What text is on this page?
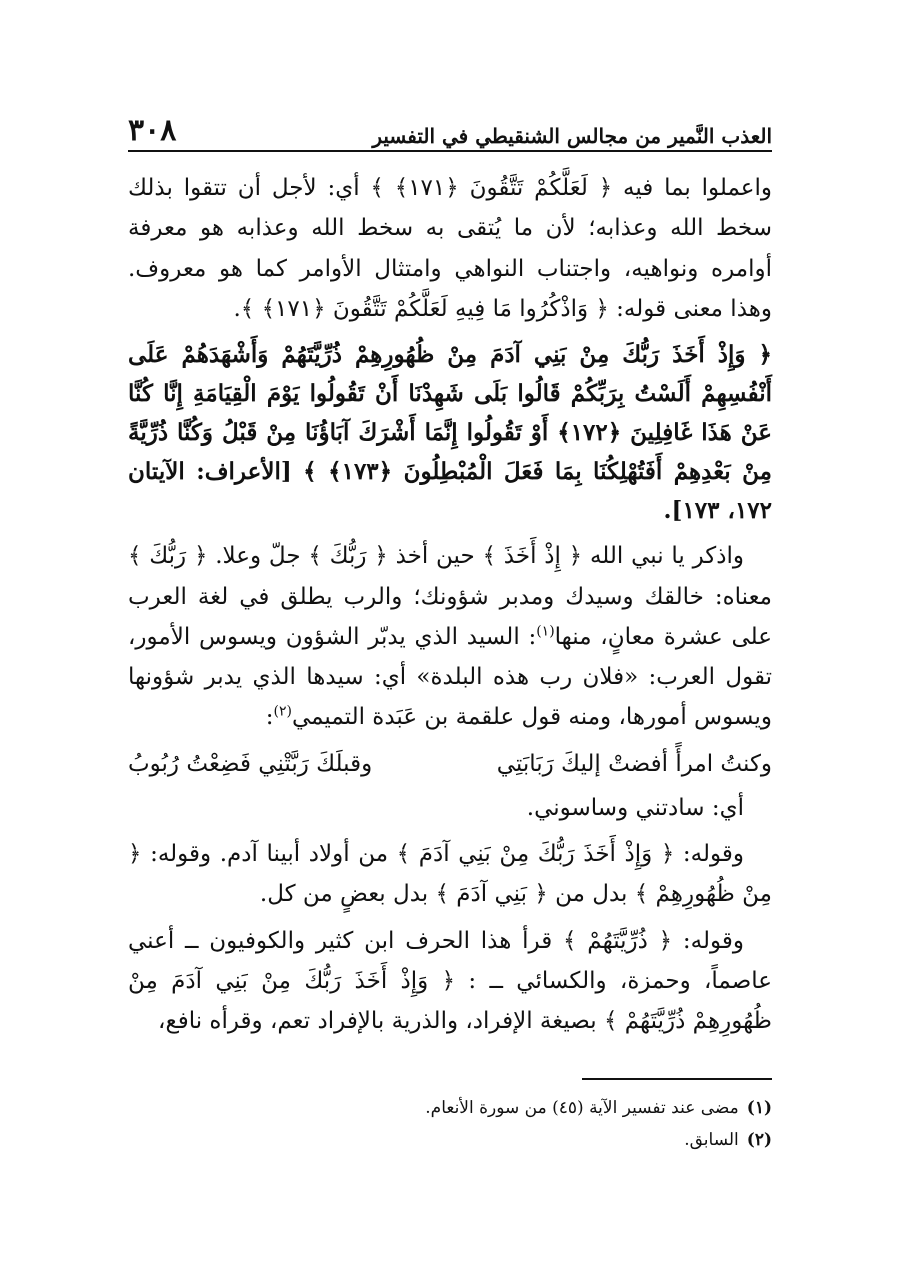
٣٠٨	العذب النَّمير من مجالس الشنقيطي في التفسير

واعملوا بما فيه ﴿ لَعَلَّكُمْ تَتَّقُونَ ﴿١٧١﴾ ﴾ أي: لأجل أن تتقوا بذلك سخط الله وعذابه؛ لأن ما يُتقى به سخط الله وعذابه هو معرفة أوامره ونواهيه، واجتناب النواهي وامتثال الأوامر كما هو معروف. وهذا معنى قوله: ﴿ وَاذْكُرُوا مَا فِيهِ لَعَلَّكُمْ تَتَّقُونَ ﴿١٧١﴾ ﴾.

﴿ وَإِذْ أَخَذَ رَبُّكَ مِنْ بَنِي آدَمَ مِنْ ظُهُورِهِمْ ذُرِّيَّتَهُمْ وَأَشْهَدَهُمْ عَلَى أَنْفُسِهِمْ أَلَسْتُ بِرَبِّكُمْ قَالُوا بَلَى شَهِدْنَا أَنْ تَقُولُوا يَوْمَ الْقِيَامَةِ إِنَّا كُنَّا عَنْ هَذَا غَافِلِينَ ﴿١٧٢﴾ أَوْ تَقُولُوا إِنَّمَا أَشْرَكَ آبَاؤُنَا مِنْ قَبْلُ وَكُنَّا ذُرِّيَّةً مِنْ بَعْدِهِمْ أَفَتُهْلِكُنَا بِمَا فَعَلَ الْمُبْطِلُونَ ﴿١٧٣﴾ ﴾ [الأعراف: الآيتان ١٧٢، ١٧٣].

واذكر يا نبي الله ﴿ إِذْ أَخَذَ ﴾ حين أخذ ﴿ رَبُّكَ ﴾ جلّ وعلا. ﴿ رَبُّكَ ﴾ معناه: خالقك وسيدك ومدبر شؤونك؛ والرب يطلق في لغة العرب على عشرة معانٍ، منها$^{(١)}$: السيد الذي يدبّر الشؤون ويسوس الأمور، تقول العرب: «فلان رب هذه البلدة» أي: سيدها الذي يدبر شؤونها ويسوس أمورها، ومنه قول علقمة بن عَبَدة التميمي$^{(٢)}$:

وكنتُ امرأً أفضتْ إليكَ رَبَابَتِي
وقبلَكَ رَبَّتْنِي فَضِعْتُ رُبُوبُ

أي: سادتني وساسوني.

وقوله: ﴿ وَإِذْ أَخَذَ رَبُّكَ مِنْ بَنِي آدَمَ ﴾ من أولاد أبينا آدم. وقوله: ﴿ مِنْ ظُهُورِهِمْ ﴾ بدل من ﴿ بَنِي آدَمَ ﴾ بدل بعضٍ من كل.

وقوله: ﴿ ذُرِّيَّتَهُمْ ﴾ قرأ هذا الحرف ابن كثير والكوفيون ــ أعني عاصماً، وحمزة، والكسائي ــ : ﴿ وَإِذْ أَخَذَ رَبُّكَ مِنْ بَنِي آدَمَ مِنْ ظُهُورِهِمْ ذُرِّيَّتَهُمْ ﴾ بصيغة الإفراد، والذرية بالإفراد تعم، وقرأه نافع،

(١)مضى عند تفسير الآية (٤٥) من سورة الأنعام.
(٢)السابق.
